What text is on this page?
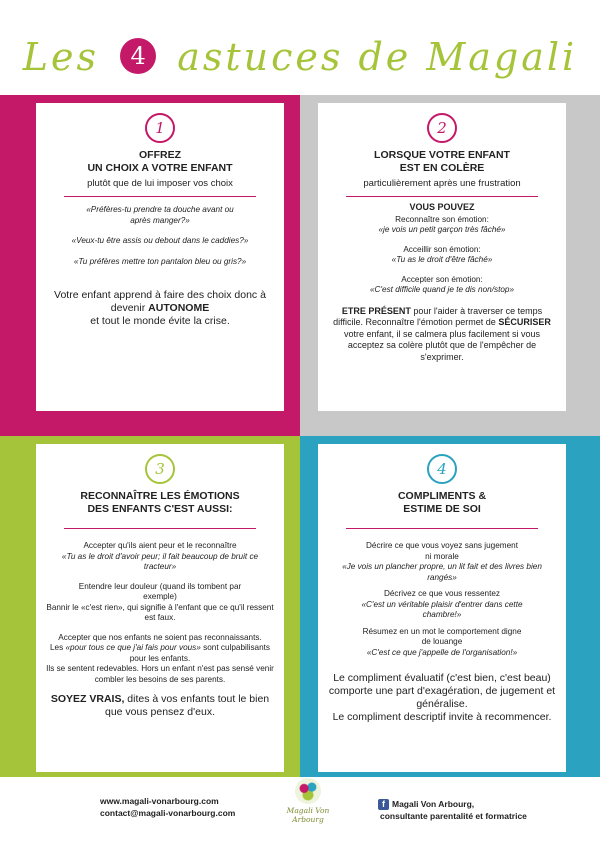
Les 4 astuces de Magali
1
OFFREZ
UN CHOIX A VOTRE ENFANT
plutôt que de lui imposer vos choix
«Préfères-tu prendre ta douche avant ou après manger?»
«Veux-tu être assis ou debout dans le caddies?»
«Tu préfères mettre ton pantalon bleu ou gris?»
Votre enfant apprend à faire des choix donc à devenir AUTONOME
et tout le monde évite la crise.
2
LORSQUE VOTRE ENFANT
EST EN COLÈRE
particulièrement après une frustration
VOUS POUVEZ
Reconnaître son émotion:
«je vois un petit garçon très fâché»
Acceillir son émotion:
«Tu as le droit d'être fâché»
Accepter son émotion:
«C'est difficile quand je te dis non/stop»
ETRE PRÉSENT pour l'aider à traverser ce temps difficile. Reconnaître l'émotion permet de SÉCURISER votre enfant, il se calmera plus facilement si vous acceptez sa colère plutôt que de l'empêcher de s'exprimer.
3
RECONNAÎTRE LES ÉMOTIONS
DES ENFANTS C'EST AUSSI:
Accepter qu'ils aient peur et le reconnaître
«Tu as le droit d'avoir peur; il fait beaucoup de bruit ce tracteur»
Entendre leur douleur (quand ils tombent par exemple)
Bannir le «c'est rien», qui signifie à l'enfant que ce qu'il ressent est faux.
Accepter que nos enfants ne soient pas reconnaissants.
Les «pour tous ce que j'ai fais pour vous» sont culpabilisants pour les enfants.
Ils se sentent redevables. Hors un enfant n'est pas sensé venir combler les besoins de ses parents.
SOYEZ VRAIS, dites à vos enfants tout le bien que vous pensez d'eux.
4
COMPLIMENTS &
ESTIME DE SOI
Décrire ce que vous voyez sans jugement ni morale
«Je vois un plancher propre, un lit fait et des livres bien rangés»
Décrivez ce que vous ressentez
«C'est un véritable plaisir d'entrer dans cette chambre!»
Résumez en un mot le comportement digne de louange
«C'est ce que j'appelle de l'organisation!»
Le compliment évaluatif (c'est bien, c'est beau) comporte une part d'exagération, de jugement et généralise.
Le compliment descriptif invite à recommencer.
www.magali-vonarbourg.com
contact@magali-vonarbourg.com	Magali Von Arbourg
f Magali Von Arbourg,
consultante parentalité et formatrice
